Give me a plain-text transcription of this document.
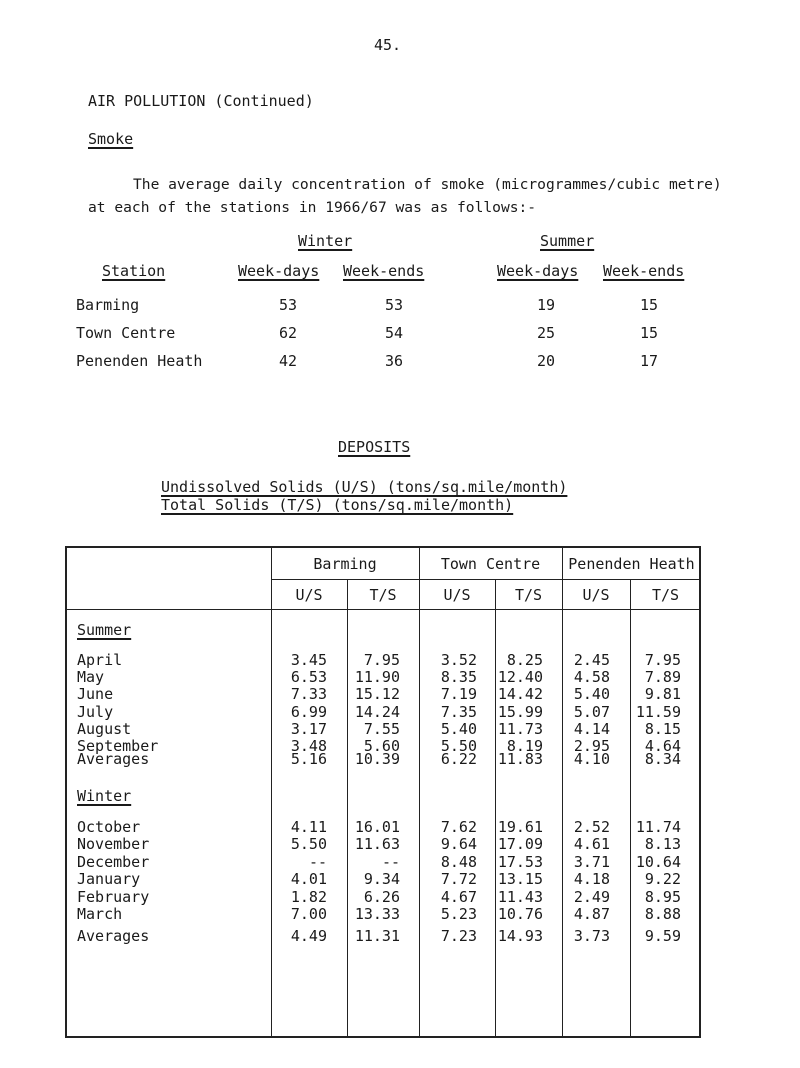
45.
AIR POLLUTION (Continued)
Smoke
The average daily concentration of smoke (microgrammes/cubic metre)
at each of the stations in 1966/67 was as follows:-
Winter	Summer
Station	Week-days Week-ends	Week-days Week-ends
Barming	53	53	19	15
Town Centre	62	54	25	15
Penenden Heath	42	36	20	17
DEPOSITS
Undissolved Solids (U/S) (tons/sq.mile/month)
Total Solids (T/S) (tons/sq.mile/month)
Barming	Town Centre	Penenden Heath
U/S	T/S	U/S	T/S	U/S	T/S
Summer
April	3.45	7.95	3.52	8.25	2.45	7.95
May	6.53	11.90	8.35	12.40	4.58	7.89
June	7.33	15.12	7.19	14.42	5.40	9.81
July	6.99	14.24	7.35	15.99	5.07	11.59
August	3.17	7.55	5.40	11.73	4.14	8.15
September	3.48	5.60	5.50	8.19	2.95	4.64
Averages	5.16	10.39	6.22	11.83	4.10	8.34
Winter
October	4.11	16.01	7.62	19.61	2.52	11.74
November	5.50	11.63	9.64	17.09	4.61	8.13
December	--	--	8.48	17.53	3.71	10.64
January	4.01	9.34	7.72	13.15	4.18	9.22
February	1.82	6.26	4.67	11.43	2.49	8.95
March	7.00	13.33	5.23	10.76	4.87	8.88
Averages	4.49	11.31	7.23	14.93	3.73	9.59
